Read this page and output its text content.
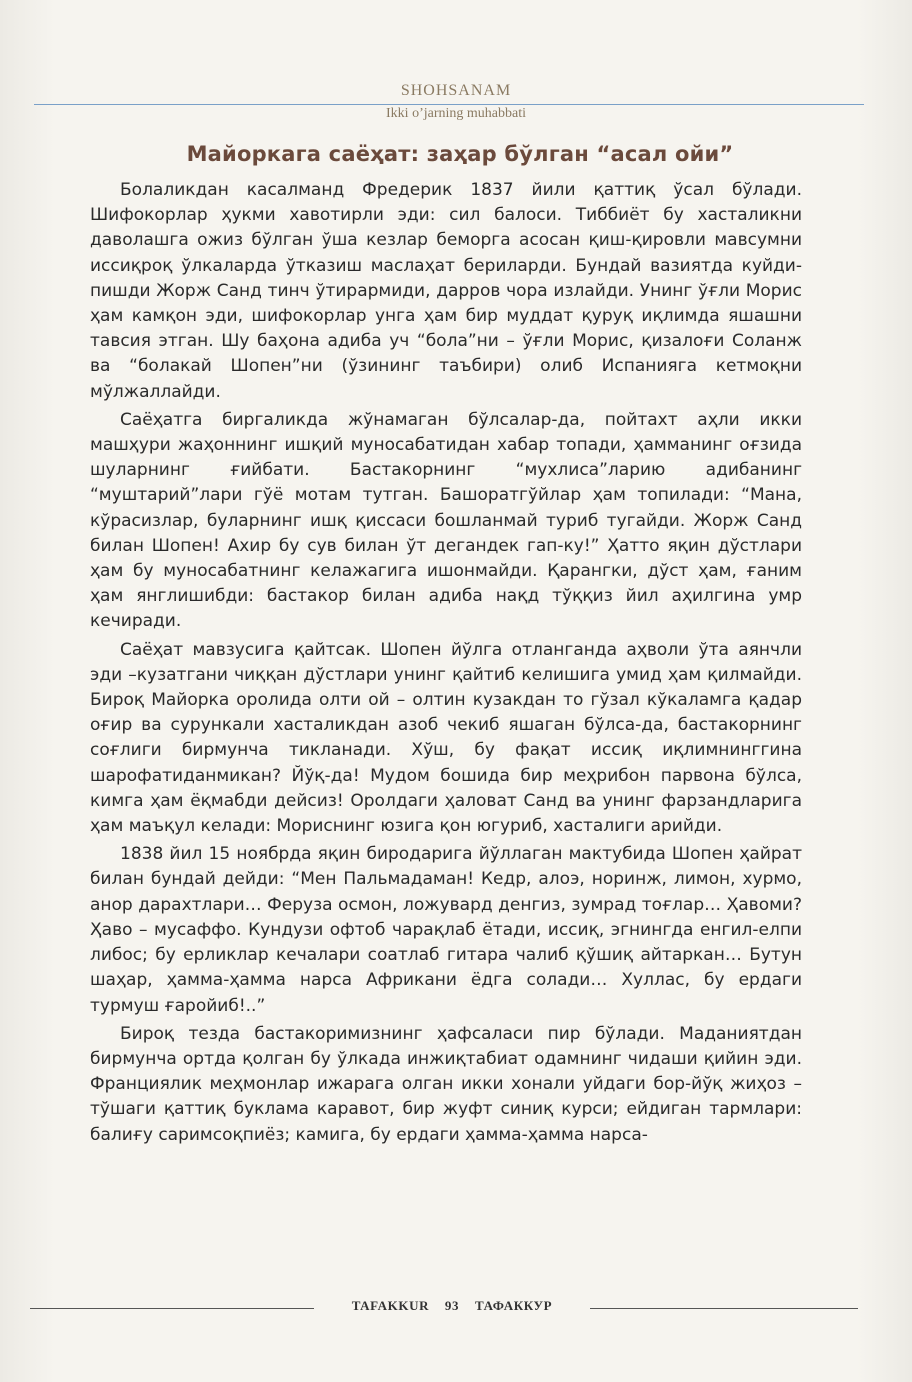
SHOHSANAM
Ikki o’jarning muhabbati
Майоркага саёҳат: заҳар бўлган “асал ойи”

Болаликдан касалманд Фредерик 1837 йили қаттиқ ўсал бўлади. Шифокорлар ҳукми хавотирли эди: сил балоси. Тиббиёт бу хасталикни даволашга ожиз бўлган ўша кезлар беморга асосан қиш-қировли мавсумни иссиқроқ ўлкаларда ўтказиш маслаҳат бериларди. Бундай вазиятда куйди-пишди Жорж Санд тинч ўтирармиди, дарров чора излайди. Унинг ўғли Морис ҳам камқон эди, шифокорлар унга ҳам бир муддат қуруқ иқлимда яшашни тавсия этган. Шу баҳона адиба уч “бола”ни – ўғли Морис, қизалоғи Соланж ва “болакай Шопен”ни (ўзининг таъбири) олиб Испанияга кетмоқни мўлжаллайди.

Саёҳатга биргаликда жўнамаган бўлсалар-да, пойтахт аҳли икки машҳури жаҳоннинг ишқий муносабатидан хабар топади, ҳамманинг оғзида шуларнинг ғийбати. Бастакорнинг “мухлиса”ларию адибанинг “муштарий”лари гўё мотам тутган. Башоратгўйлар ҳам топилади: “Мана, кўрасизлар, буларнинг ишқ қиссаси бошланмай туриб тугайди. Жорж Санд билан Шопен! Ахир бу сув билан ўт дегандек гап-ку!” Ҳатто яқин дўстлари ҳам бу муносабатнинг келажагига ишонмайди. Қарангки, дўст ҳам, ғаним ҳам янглишибди: бастакор билан адиба нақд тўққиз йил аҳилгина умр кечиради.

Саёҳат мавзусига қайтсак. Шопен йўлга отланганда аҳволи ўта аянчли эди –кузатгани чиққан дўстлари унинг қайтиб келишига умид ҳам қилмайди. Бироқ Майорка оролида олти ой – олтин кузакдан то гўзал кўкаламга қадар оғир ва сурункали хасталикдан азоб чекиб яшаган бўлса-да, бастакорнинг соғлиги бирмунча тикланади. Хўш, бу фақат иссиқ иқлимнинггина шарофатиданмикан? Йўқ-да! Мудом бошида бир меҳрибон парвона бўлса, кимга ҳам ёқмабди дейсиз! Оролдаги ҳаловат Санд ва унинг фарзандларига ҳам маъқул келади: Мориснинг юзига қон югуриб, хасталиги арийди.

1838 йил 15 ноябрда яқин биродарига йўллаган мактубида Шопен ҳайрат билан бундай дейди: “Мен Пальмадаман! Кедр, алоэ, норинж, лимон, хурмо, анор дарахтлари… Феруза осмон, ложувард денгиз, зумрад тоғлар… Ҳавоми? Ҳаво – мусаффо. Кундузи офтоб чарақлаб ётади, иссиқ, эгнингда енгил-елпи либос; бу ерликлар кечалари соатлаб гитара чалиб қўшиқ айтаркан… Бутун шаҳар, ҳамма-ҳамма нарса Африкани ёдга солади… Хуллас, бу ердаги турмуш ғаройиб!..”

Бироқ тезда бастакоримизнинг ҳафсаласи пир бўлади. Маданиятдан бирмунча ортда қолган бу ўлкада инжиқтабиат одамнинг чидаши қийин эди. Франциялик меҳмонлар ижарага олган икки хонали уйдаги бор-йўқ жиҳоз – тўшаги қаттиқ буклама каравот, бир жуфт синиқ курси; ейдиган тармлари: балиғу саримсоқпиёз; камига, бу ердаги ҳамма-ҳамма нарса-

TAFAKKUR 93 ТАФАККУР
